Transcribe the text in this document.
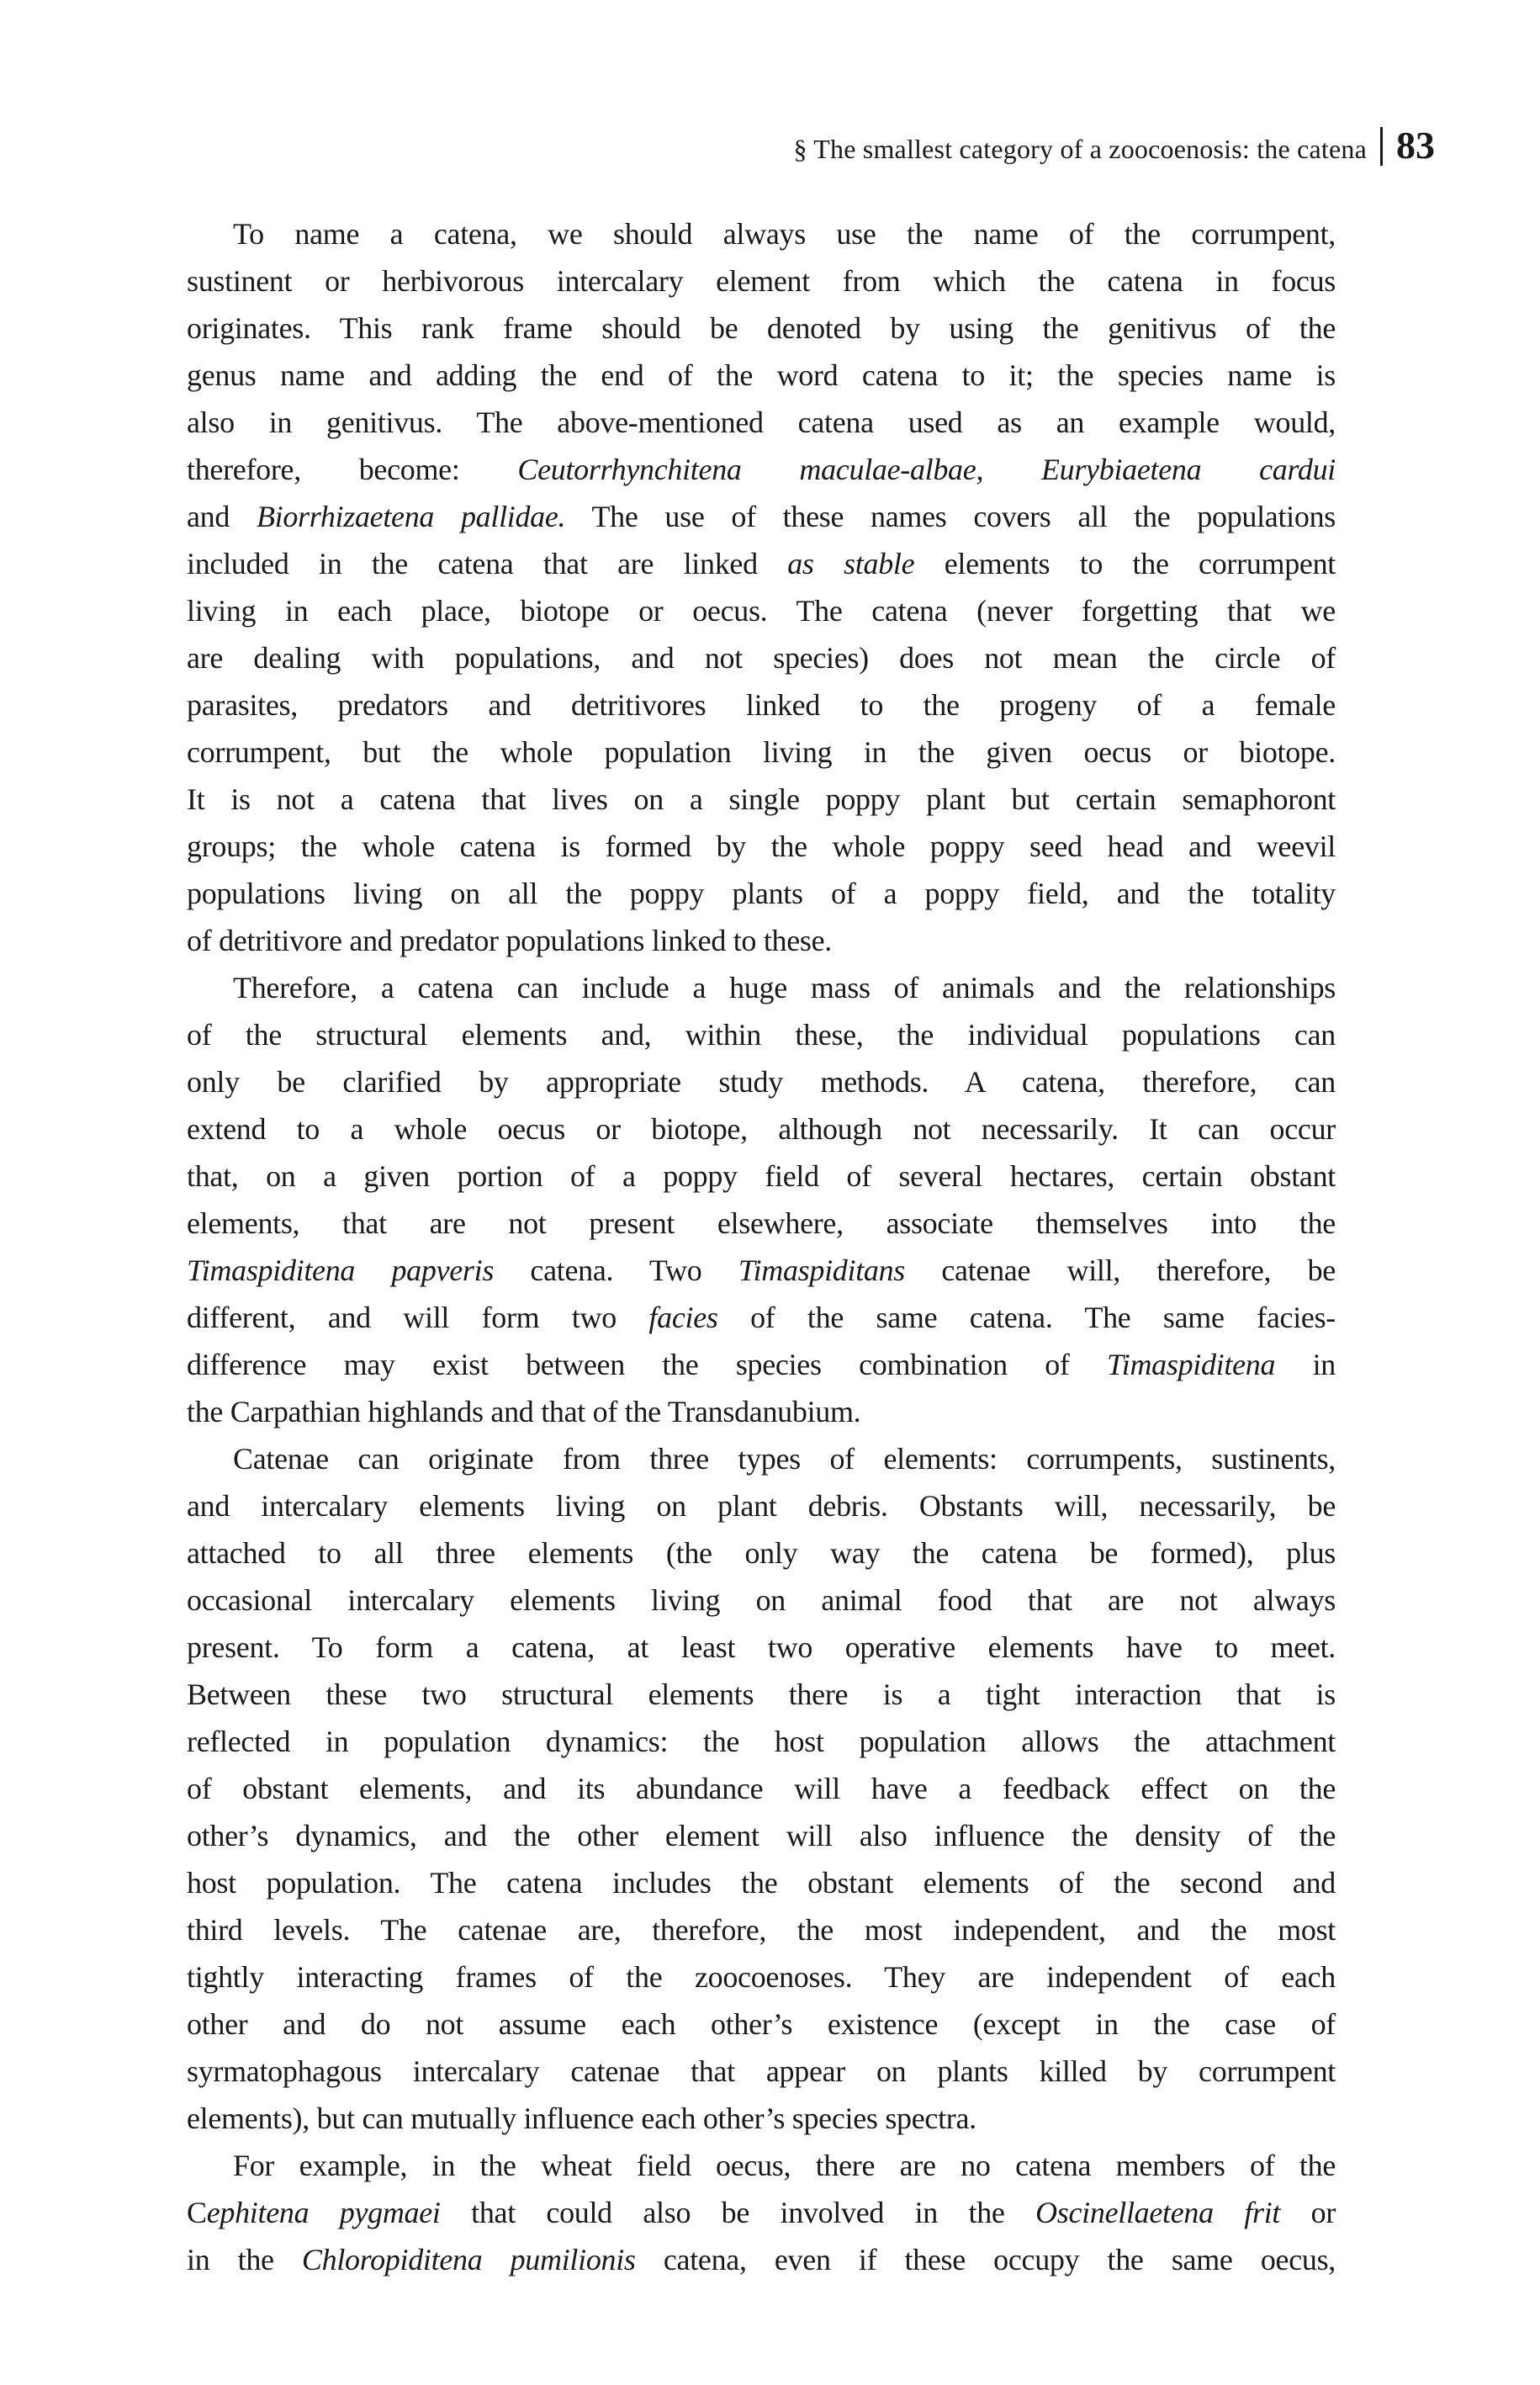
§ The smallest category of a zoocoenosis: the catena 83
To name a catena, we should always use the name of the corrumpent,
sustinent or herbivorous intercalary element from which the catena in focus
originates. This rank frame should be denoted by using the genitivus of the
genus name and adding the end of the word catena to it; the species name is
also in genitivus. The above-mentioned catena used as an example would,
therefore, become: Ceutorrhynchitena maculae-albae, Eurybiaetena cardui
and Biorrhizaetena pallidae. The use of these names covers all the populations
included in the catena that are linked as stable elements to the corrumpent
living in each place, biotope or oecus. The catena (never forgetting that we
are dealing with populations, and not species) does not mean the circle of
parasites, predators and detritivores linked to the progeny of a female
corrumpent, but the whole population living in the given oecus or biotope.
It is not a catena that lives on a single poppy plant but certain semaphoront
groups; the whole catena is formed by the whole poppy seed head and weevil
populations living on all the poppy plants of a poppy field, and the totality
of detritivore and predator populations linked to these.
Therefore, a catena can include a huge mass of animals and the relationships
of the structural elements and, within these, the individual populations can
only be clarified by appropriate study methods. A catena, therefore, can
extend to a whole oecus or biotope, although not necessarily. It can occur
that, on a given portion of a poppy field of several hectares, certain obstant
elements, that are not present elsewhere, associate themselves into the
Timaspiditena papveris catena. Two Timaspiditans catenae will, therefore, be
different, and will form two facies of the same catena. The same facies-
difference may exist between the species combination of Timaspiditena in
the Carpathian highlands and that of the Transdanubium.
Catenae can originate from three types of elements: corrumpents, sustinents,
and intercalary elements living on plant debris. Obstants will, necessarily, be
attached to all three elements (the only way the catena be formed), plus
occasional intercalary elements living on animal food that are not always
present. To form a catena, at least two operative elements have to meet.
Between these two structural elements there is a tight interaction that is
reflected in population dynamics: the host population allows the attachment
of obstant elements, and its abundance will have a feedback effect on the
other’s dynamics, and the other element will also influence the density of the
host population. The catena includes the obstant elements of the second and
third levels. The catenae are, therefore, the most independent, and the most
tightly interacting frames of the zoocoenoses. They are independent of each
other and do not assume each other’s existence (except in the case of
syrmatophagous intercalary catenae that appear on plants killed by corrumpent
elements), but can mutually influence each other’s species spectra.
For example, in the wheat field oecus, there are no catena members of the
Cephitena pygmaei that could also be involved in the Oscinellaetena frit or
in the Chloropiditena pumilionis catena, even if these occupy the same oecus,
